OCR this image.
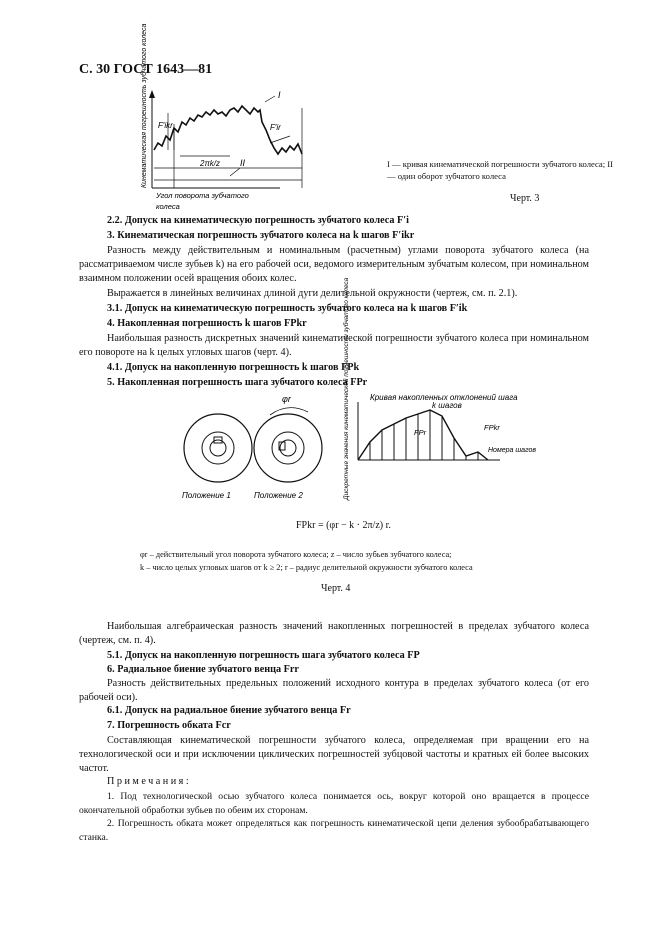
С. 30 ГОСТ 1643—81
F′ikr	F′ir
2πk/z
I
II
Угол поворота зубчатого
колеса
Кинематическая погрешность зубчатого колеса	I — кривая кинематической погрешности зубчатого колеса; II — один оборот зубчатого колеса
Черт. 3
2.2. Допуск на кинематическую погрешность зубчатого колеса F′i
3. Кинематическая погрешность зубчатого колеса на k шагов F′ikr
Разность между действительным и номинальным (расчетным) углами поворота зубчатого колеса (на рассматриваемом числе зубьев k) на его рабочей оси, ведомого измерительным зубчатым колесом, при номинальном взаимном положении осей вращения обоих колес.
Выражается в линейных величинах длиной дуги делительной окружности (чертеж, см. п. 2.1).
3.1. Допуск на кинематическую погрешность зубчатого колеса на k шагов F′ik
4. Накопленная погрешность k шагов FPkr
Наибольшая разность дискретных значений кинематической погрешности зубчатого колеса при номинальном его повороте на k целых угловых шагов (черт. 4).
4.1. Допуск на накопленную погрешность k шагов FPk
5. Накопленная погрешность шага зубчатого колеса FPr
φr
Положение 1	Положение 2	Дискретные значения кинематической погрешности зубчатого колеса	Кривая накопленных отклонений шага
k шагов
FPr
FPkr
Номера шагов
FPkr = (φr − k · 2π/z) r.
φr – действительный угол поворота зубчатого колеса; z – число зубьев зубчатого колеса;
k – число целых угловых шагов от k ≥ 2; r – радиус делительной окружности зубчатого колеса
Черт. 4
Наибольшая алгебраическая разность значений накопленных погрешностей в пределах зубчатого колеса (чертеж, см. п. 4).
5.1. Допуск на накопленную погрешность шага зубчатого колеса FP
6. Радиальное биение зубчатого венца Frr
Разность действительных предельных положений исходного контура в пределах зубчатого колеса (от его рабочей оси).
6.1. Допуск на радиальное биение зубчатого венца Fr
7. Погрешность обката Fcr
Составляющая кинематической погрешности зубчатого колеса, определяемая при вращении его на технологической оси и при исключении циклических погрешностей зубцовой частоты и кратных ей более высоких частот.
Примечания:
1. Под технологической осью зубчатого колеса понимается ось, вокруг которой оно вращается в процессе окончательной обработки зубьев по обеим их сторонам.
2. Погрешность обката может определяться как погрешность кинематической цепи деления зубообрабатывающего станка.
